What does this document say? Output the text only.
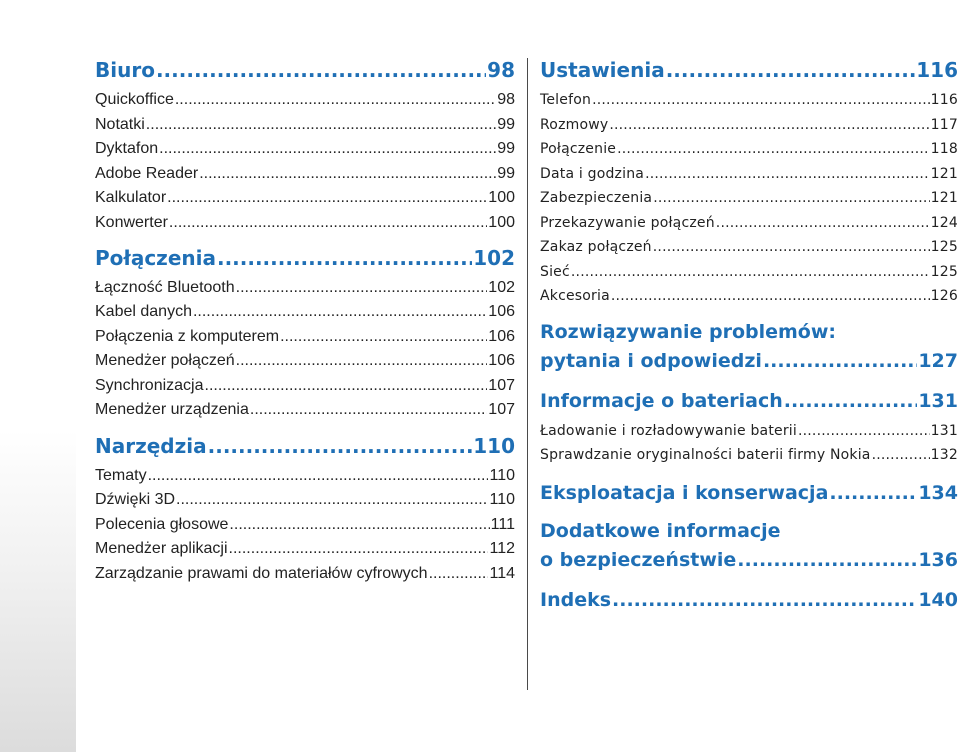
Biuro .....	98
Quickoffice .....	98
Notatki .....	99
Dyktafon .....	99
Adobe Reader .....	99
Kalkulator .....	100
Konwerter .....	100
Połączenia .....	102
Łączność Bluetooth .....	102
Kabel danych .....	106
Połączenia z komputerem .....	106
Menedżer połączeń .....	106
Synchronizacja .....	107
Menedżer urządzenia .....	107
Narzędzia .....	110
Tematy .....	110
Dźwięki 3D .....	110
Polecenia głosowe .....	111
Menedżer aplikacji .....	112
Zarządzanie prawami do materiałów cyfrowych .....	114
Ustawienia .....	116
Telefon .....	116
Rozmowy .....	117
Połączenie .....	118
Data i godzina .....	121
Zabezpieczenia .....	121
Przekazywanie połączeń .....	124
Zakaz połączeń .....	125
Sieć .....	125
Akcesoria .....	126
Rozwiązywanie problemów:
pytania i odpowiedzi .....	127
Informacje o bateriach .....	131
Ładowanie i rozładowywanie baterii .....	131
Sprawdzanie oryginalności baterii firmy Nokia .....	132
Eksploatacja i konserwacja .....	134
Dodatkowe informacje
o bezpieczeństwie .....	136
Indeks .....	140
